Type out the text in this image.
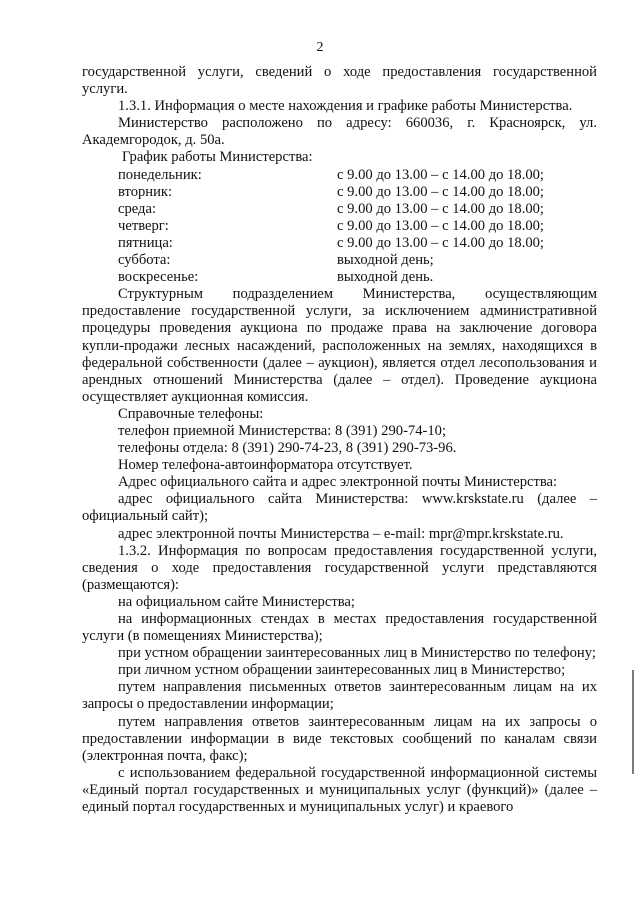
2

государственной услуги, сведений о ходе предоставления государственной услуги.

1.3.1. Информация о месте нахождения и графике работы Министерства.

Министерство расположено по адресу: 660036, г. Красноярск, ул. Академгородок, д. 50а.

График работы Министерства:

понедельник:	с 9.00 до 13.00 – с 14.00 до 18.00;
вторник:	с 9.00 до 13.00 – с 14.00 до 18.00;
среда:	с 9.00 до 13.00 – с 14.00 до 18.00;
четверг:	с 9.00 до 13.00 – с 14.00 до 18.00;
пятница:	с 9.00 до 13.00 – с 14.00 до 18.00;
суббота:	выходной день;
воскресенье:	выходной день.

Структурным подразделением Министерства, осуществляющим предоставление государственной услуги, за исключением административной процедуры проведения аукциона по продаже права на заключение договора купли-продажи лесных насаждений, расположенных на землях, находящихся в федеральной собственности (далее – аукцион), является отдел лесопользования и арендных отношений Министерства (далее – отдел). Проведение аукциона осуществляет аукционная комиссия.

Справочные телефоны:

телефон приемной Министерства: 8 (391) 290-74-10;

телефоны отдела: 8 (391) 290-74-23, 8 (391) 290-73-96.

Номер телефона-автоинформатора отсутствует.

Адрес официального сайта и адрес электронной почты Министерства:

адрес официального сайта Министерства: www.krskstate.ru (далее – официальный сайт);

адрес электронной почты Министерства – e-mail: mpr@mpr.krskstate.ru.

1.3.2. Информация по вопросам предоставления государственной услуги, сведения о ходе предоставления государственной услуги представляются (размещаются):

на официальном сайте Министерства;

на информационных стендах в местах предоставления государственной услуги (в помещениях Министерства);

при устном обращении заинтересованных лиц в Министерство по телефону;

при личном устном обращении заинтересованных лиц в Министерство;

путем направления письменных ответов заинтересованным лицам на их запросы о предоставлении информации;

путем направления ответов заинтересованным лицам на их запросы о предоставлении информации в виде текстовых сообщений по каналам связи (электронная почта, факс);

с использованием федеральной государственной информационной системы «Единый портал государственных и муниципальных услуг (функций)» (далее – единый портал государственных и муниципальных услуг) и краевого
